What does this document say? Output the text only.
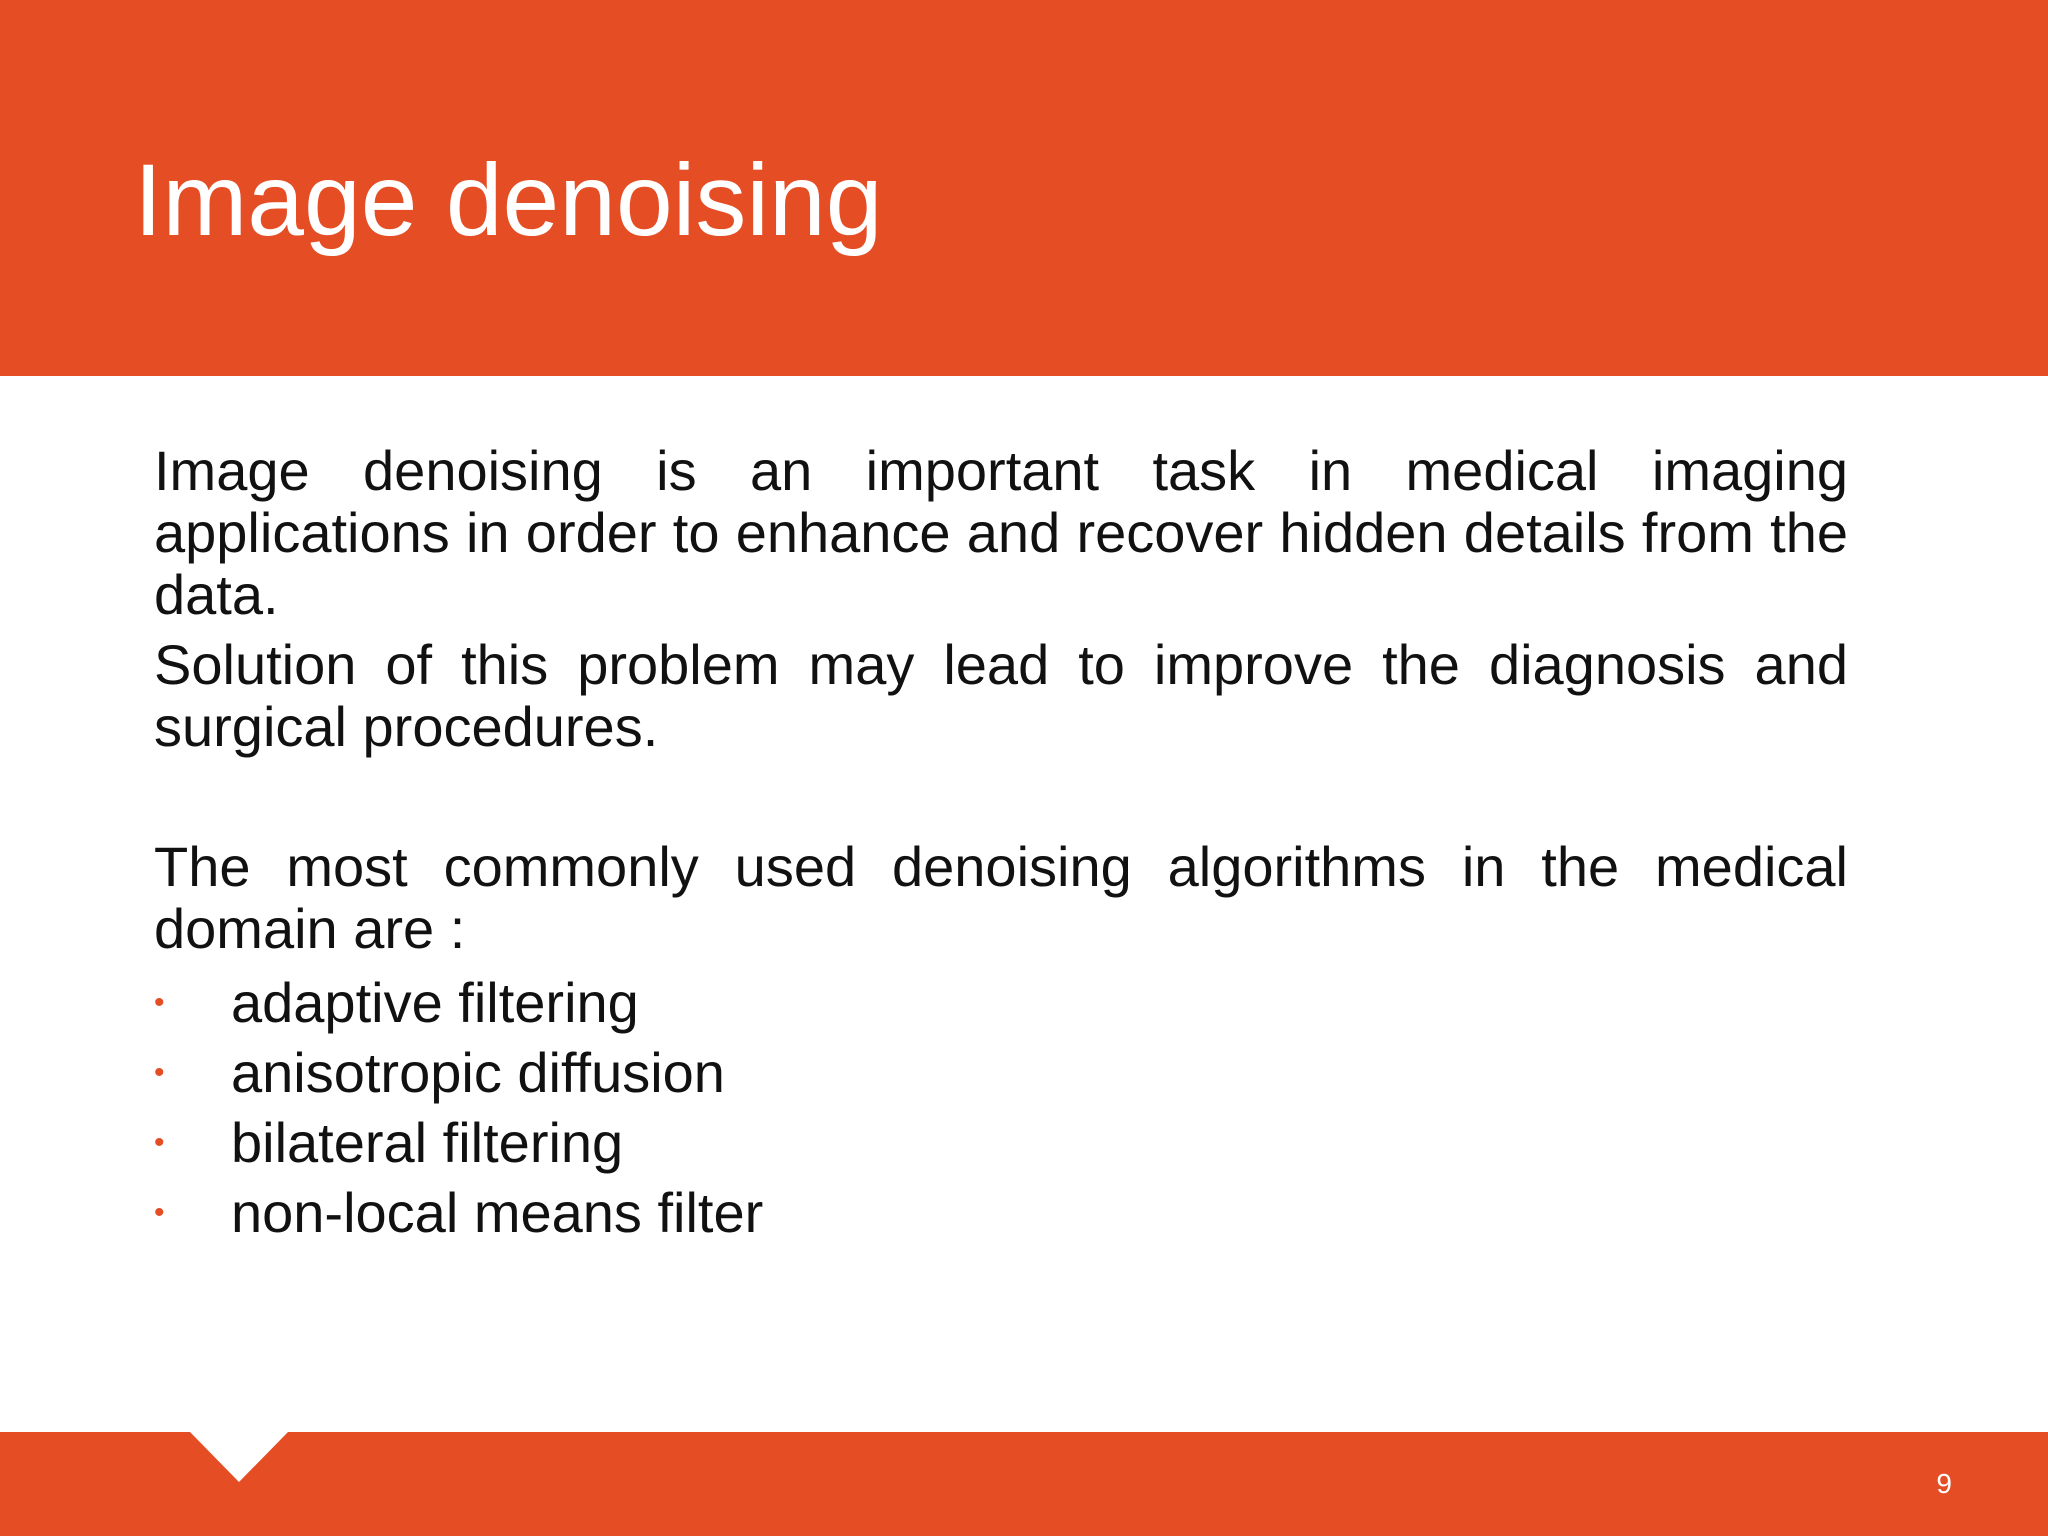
Image denoising

Image denoising is an important task in medical imaging applications in order to enhance and recover hidden details from the data.

Solution of this problem may lead to improve the diagnosis and surgical procedures.

The most commonly used denoising algorithms in the medical domain are :

• adaptive filtering
• anisotropic diffusion
• bilateral filtering
• non-local means filter
9
